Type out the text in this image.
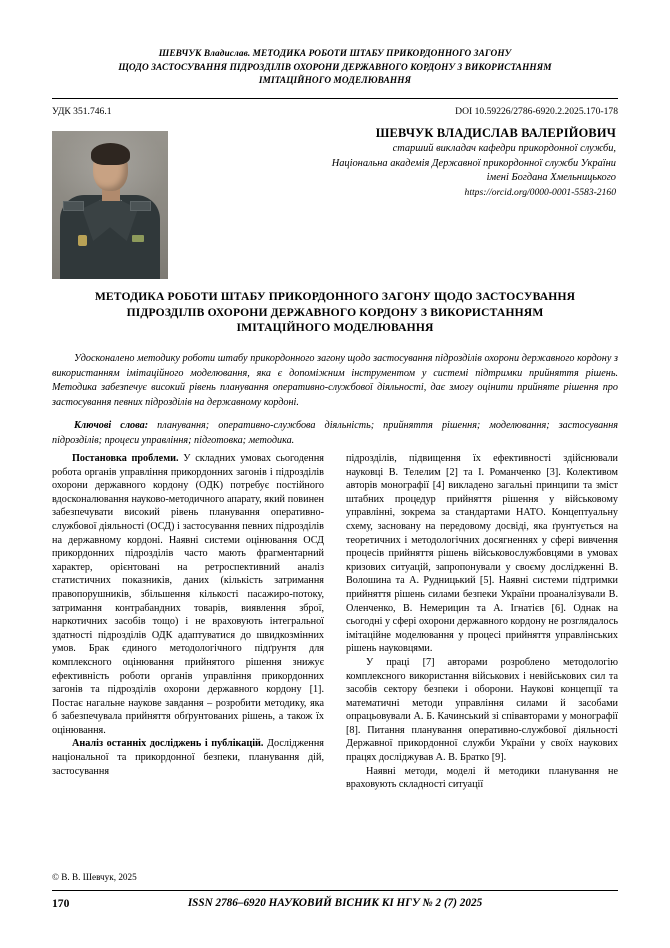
ШЕВЧУК Владислав. МЕТОДИКА РОБОТИ ШТАБУ ПРИКОРДОННОГО ЗАГОНУ
ЩОДО ЗАСТОСУВАННЯ ПІДРОЗДІЛІВ ОХОРОНИ ДЕРЖАВНОГО КОРДОНУ З ВИКОРИСТАННЯМ
ІМІТАЦІЙНОГО МОДЕЛЮВАННЯ
УДК 351.746.1	DOI 10.59226/2786-6920.2.2025.170-178
ШЕВЧУК ВЛАДИСЛАВ ВАЛЕРІЙОВИЧ
старший викладач кафедри прикордонної служби,
Національна академія Державної прикордонної служби України
імені Богдана Хмельницького
https://orcid.org/0000-0001-5583-2160
МЕТОДИКА РОБОТИ ШТАБУ ПРИКОРДОННОГО ЗАГОНУ ЩОДО ЗАСТОСУВАННЯ
ПІДРОЗДІЛІВ ОХОРОНИ ДЕРЖАВНОГО КОРДОНУ З ВИКОРИСТАННЯМ
ІМІТАЦІЙНОГО МОДЕЛЮВАННЯ

Удосконалено методику роботи штабу прикордонного загону щодо застосування підрозділів охорони державного кордону з використанням імітаційного моделювання, яка є допоміжним інструментом у системі підтримки прийняття рішень. Методика забезпечує високий рівень планування оперативно-службової діяльності, дає змогу оцінити прийняте рішення про застосування певних підрозділів на державному кордоні.

Ключові слова: планування; оперативно-службова діяльність; прийняття рішення; моделювання; застосування підрозділів; процеси управління; підготовка; методика.

Постановка проблеми. У складних умовах сьогодення робота органів управління прикордонних загонів і підрозділів охорони державного кордону (ОДК) потребує постійного вдосконалювання науково-методичного апарату, який повинен забезпечувати високий рівень планування оперативно-службової діяльності (ОСД) і застосування певних підрозділів на державному кордоні. Наявні системи оцінювання ОСД прикордонних підрозділів часто мають фрагментарний характер, орієнтовані на ретроспективний аналіз статистичних показників, даних (кількість затримання правопорушників, збільшення кількості пасажиро-потоку, затримання контрабандних товарів, виявлення зброї, наркотичних засобів тощо) і не враховують інтегральної здатності підрозділів ОДК адаптуватися до швидкозмінних умов. Брак єдиного методологічного підґрунтя для комплексного оцінювання прийнятого рішення знижує ефективність роботи органів управління прикордонних загонів та підрозділів охорони державного кордону [1]. Постає нагальне наукове завдання – розробити методику, яка б забезпечувала прийняття обґрунтованих рішень, а також їх оцінювання.

Аналіз останніх досліджень і публікацій. Дослідження національної та прикордонної безпеки, планування дій, застосування

підрозділів, підвищення їх ефективності здійснювали науковці В. Телелим [2] та І. Романченко [3]. Колективом авторів монографії [4] викладено загальні принципи та зміст штабних процедур прийняття рішення у військовому управлінні, зокрема за стандартами НАТО. Концептуальну схему, засновану на передовому досвіді, яка ґрунтується на теоретичних і методологічних досягненнях у сфері вивчення процесів прийняття рішень військовослужбовцями в умовах кризових ситуацій, запропонували у своєму дослідженні В. Волошина та А. Рудницький [5]. Наявні системи підтримки прийняття рішень силами безпеки України проаналізували В. Оленченко, В. Немерицин та А. Ігнатієв [6]. Однак на сьогодні у сфері охорони державного кордону не розглядалось імітаційне моделювання у процесі прийняття управлінських рішень науковцями.

У праці [7] авторами розроблено методологію комплексного використання військових і невійськових сил та засобів сектору безпеки і оборони. Наукові концепції та математичні методи управління силами й засобами опрацьовували А. Б. Качинський зі співавторами у монографії [8]. Питання планування оперативно-службової діяльності Державної прикордонної служби України у своїх наукових працях досліджував А. В. Братко [9].

Наявні методи, моделі й методики планування не враховують складності ситуації

© В. В. Шевчук, 2025
ISSN 2786–6920 НАУКОВИЙ ВІСНИК КІ НГУ № 2 (7) 2025
170
